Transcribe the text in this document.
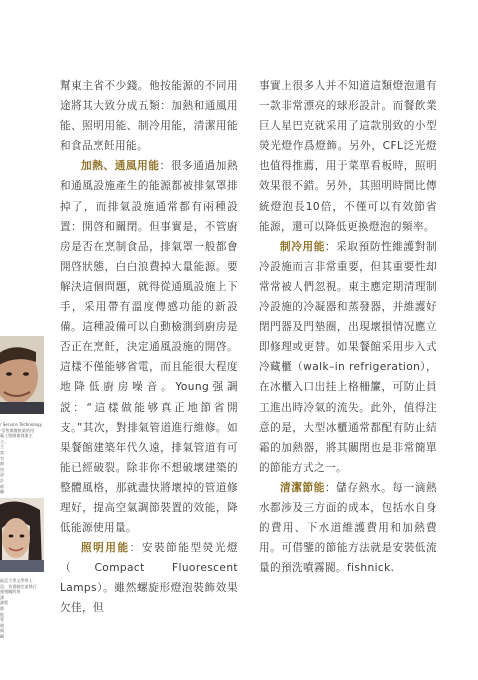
/ Service Technology
·零售與餐飲業的用
廠工程師兼商業主
主。
主
富
有
廚
房
設
計
經
驗

區亞大學文學學士
員，負責制定並執行
運相關的培
訓
課程
節
能
管
理
與
顧

幫東主省不少錢。他按能源的不同用途將其大致分成五類：加熱和通風用能、照明用能、制冷用能，清潔用能和食品烹飪用能。

加熱、通風用能：很多通過加熱和通風設施產生的能源都被排氣罩排掉了，而排氣設施通常都有兩種設置：開啓和關閉。但事實是，不管廚房是否在烹制食品，排氣罩一般都會開啓狀態，白白浪費掉大量能源。要解決這個問題，就得從通風設施上下手，采用帶有溫度傳感功能的新設備。這種設備可以自動檢測到廚房是否正在烹飪，決定通風設施的開啓。這樣不僅能够省電，而且能很大程度地降低廚房噪音。Young强調説：“這樣做能够真正地節省開支。”其次，對排氣管道進行維修。如果餐館建築年代久遠，排氣管道有可能已經破裂。除非你不想破壞建築的整體風格，那就盡快將壞掉的管道修理好，提高空氣調節裝置的效能，降低能源使用量。

照明用能：安裝節能型熒光燈（Compact Fluorescent Lamps）。雖然螺旋形燈泡裝飾效果欠佳，但

事實上很多人并不知道這類燈泡還有一款非常漂亮的球形設計。而餐飲業巨人星巴克就采用了這款別致的小型熒光燈作爲燈飾。另外，CFL泛光燈也值得推薦，用于菜單看板時，照明效果很不錯。另外，其照明時間比傳統燈泡長10倍，不僅可以有效節省能源，還可以降低更換燈泡的頻率。

制冷用能：采取預防性維護對制冷設施而言非常重要，但其重要性却常常被人們忽視。東主應定期清理制冷設施的冷凝器和蒸發器，并維護好閉門器及門墊圈，出現壞損情况應立即修理或更替。如果餐館采用步入式冷藏櫃（walk–in refrigeration），在冰櫃入口出挂上格柵簾，可防止員工進出時冷氣的流失。此外，值得注意的是，大型冰櫃通常都配有防止結霜的加熱器，將其關閉也是非常簡單的節能方式之一。

清潔節能：儲存熱水。每一滴熱水都涉及三方面的成本，包括水自身的費用、下水道維護費用和加熱費用。可借鑒的節能方法就是安裝低流量的預洗噴霧閥。fishnick.
